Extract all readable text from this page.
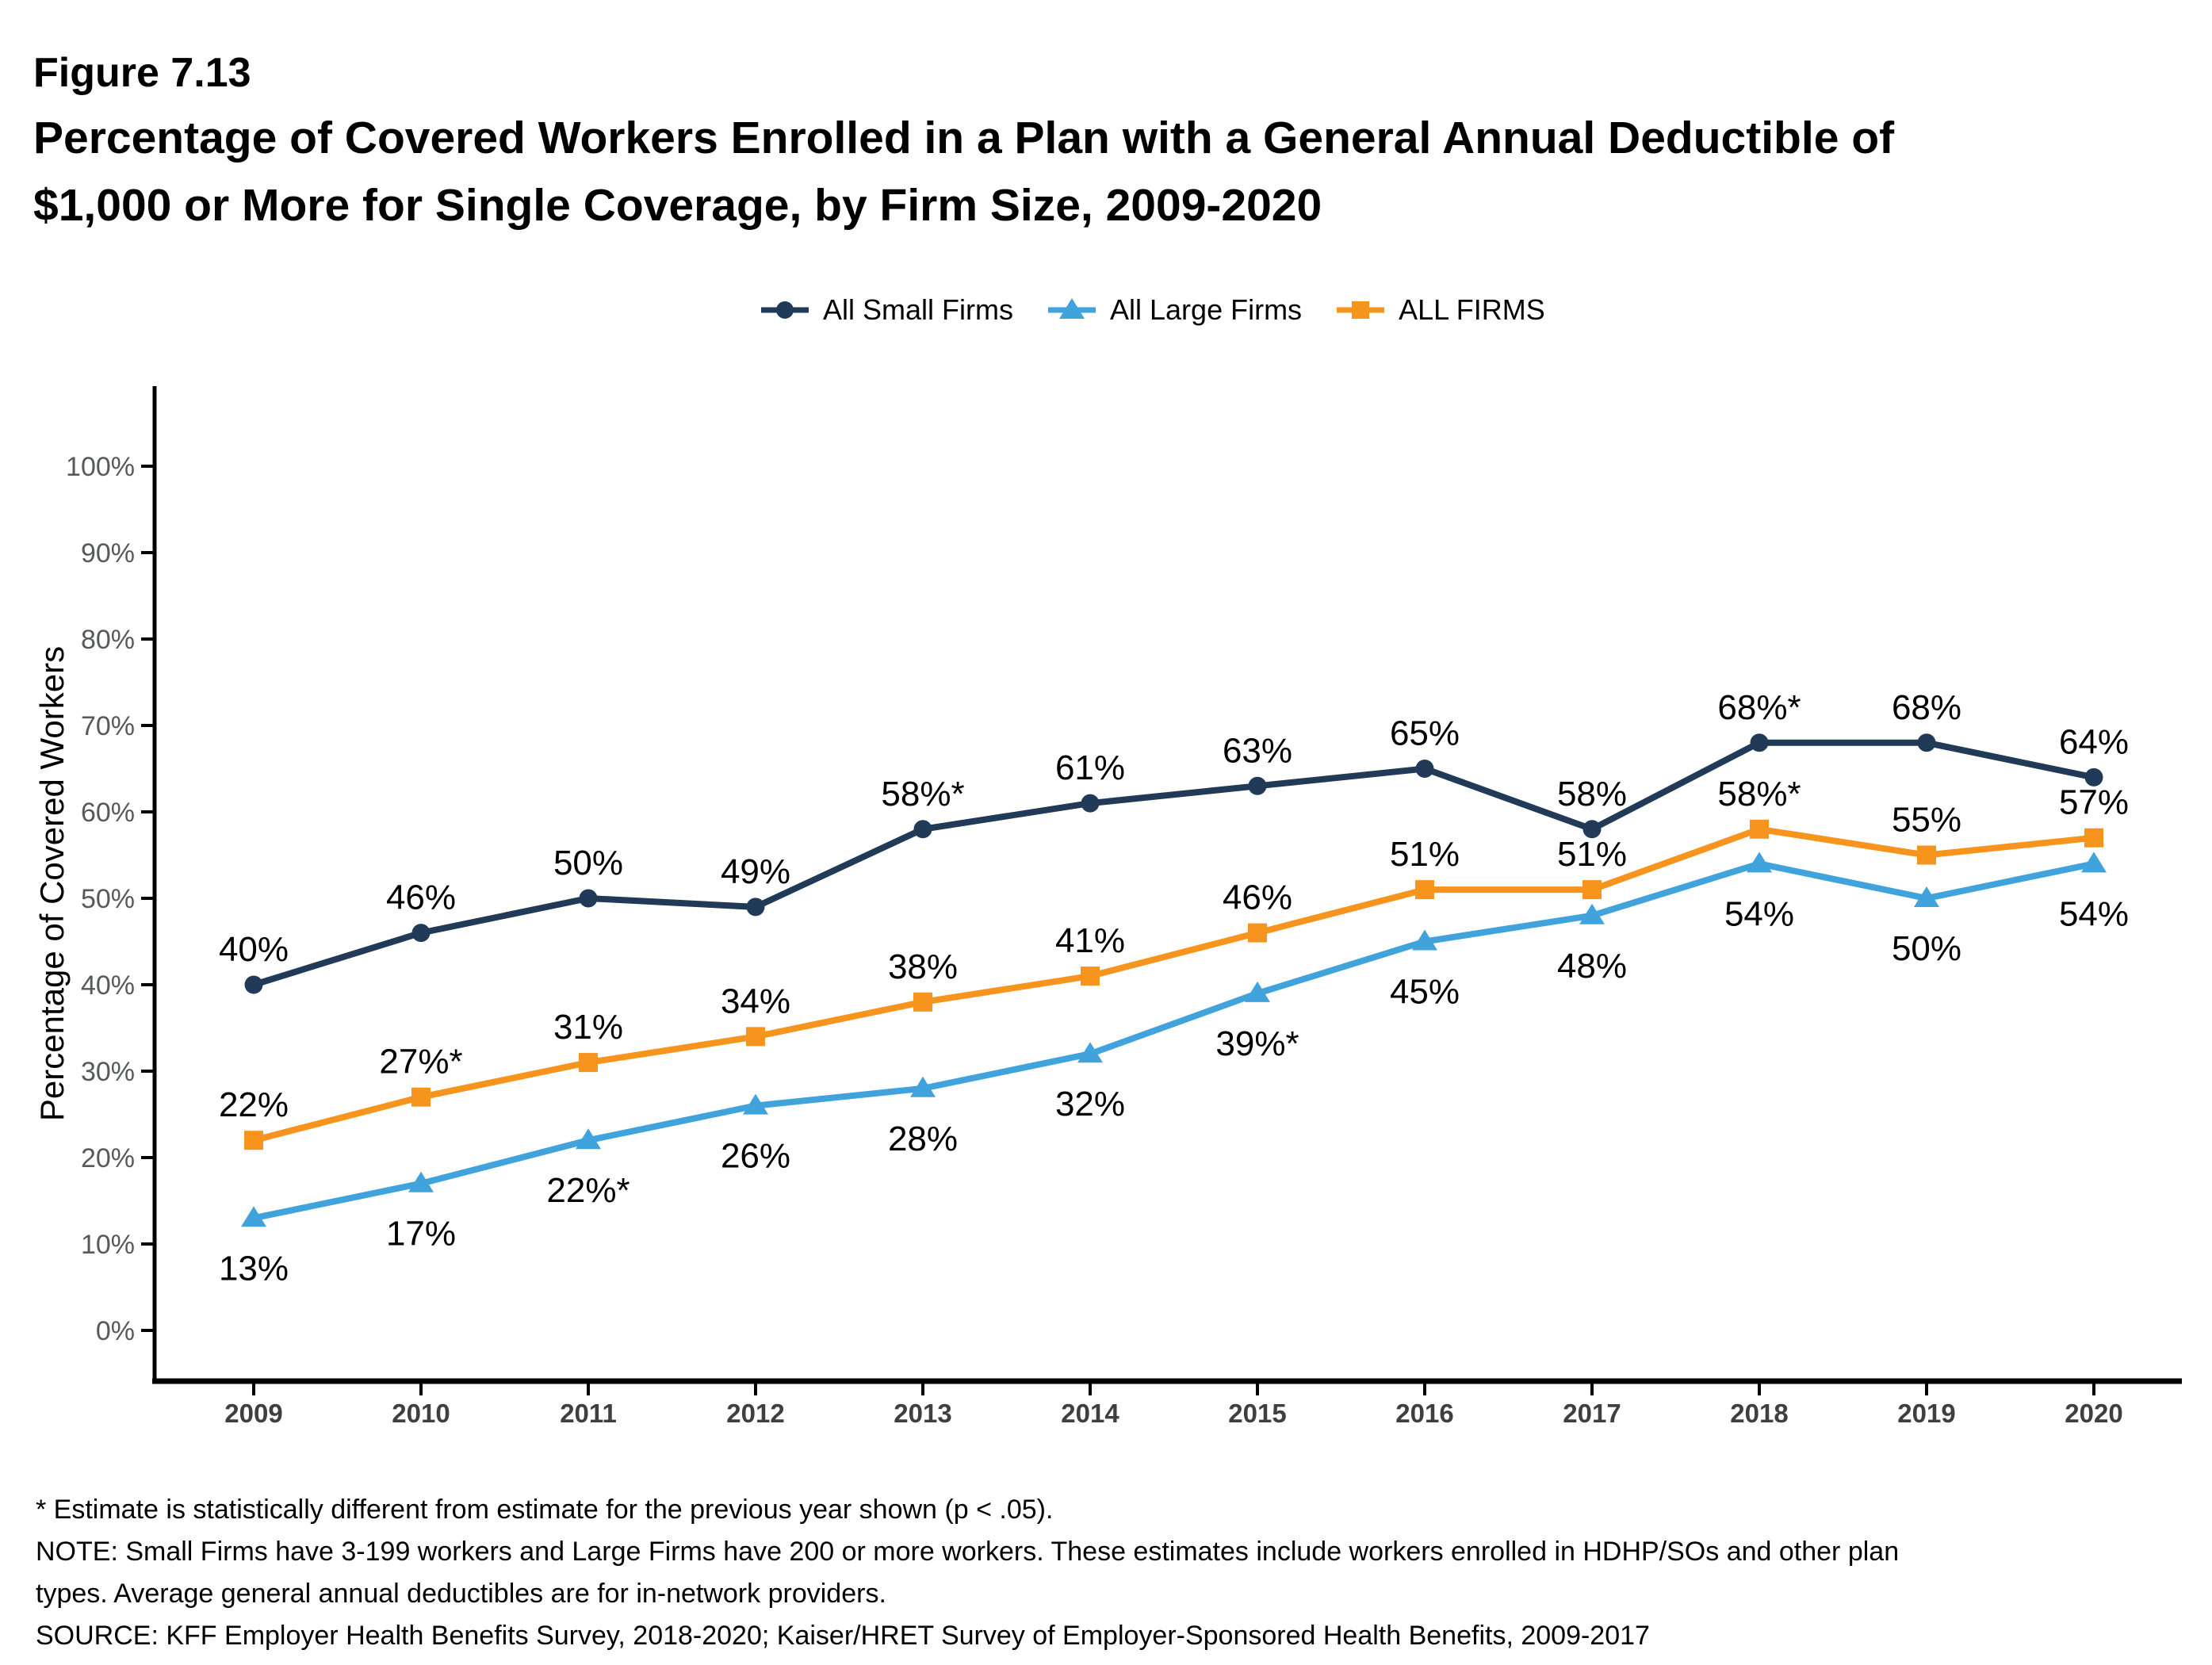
Figure 7.13
Percentage of Covered Workers Enrolled in a Plan with a General Annual Deductible of
$1,000 or More for Single Coverage, by Firm Size, 2009-2020
All Small Firms	All Large Firms	ALL FIRMS
0%
10%
20%
30%
40%
50%
60%
70%
80%
90%
100%
Percentage of Covered Workers
2009	2010	2011	2012	2013	2014	2015	2016	2017	2018	2019	2020
40%
46%
50%	49%
58%*
61%	63%	65%
58%
68%*	68%
64%
13%
17%
22%*
26%	28%
32%
39%*
45%
48%
54%
50%
54%
22%
27%*
31%
34%
38%
41%
46%
51%	51%
58%*
55%	57%
* Estimate is statistically different from estimate for the previous year shown (p < .05).
NOTE: Small Firms have 3-199 workers and Large Firms have 200 or more workers. These estimates include workers enrolled in HDHP/SOs and other plan
types. Average general annual deductibles are for in-network providers.
SOURCE: KFF Employer Health Benefits Survey, 2018-2020; Kaiser/HRET Survey of Employer-Sponsored Health Benefits, 2009-2017
